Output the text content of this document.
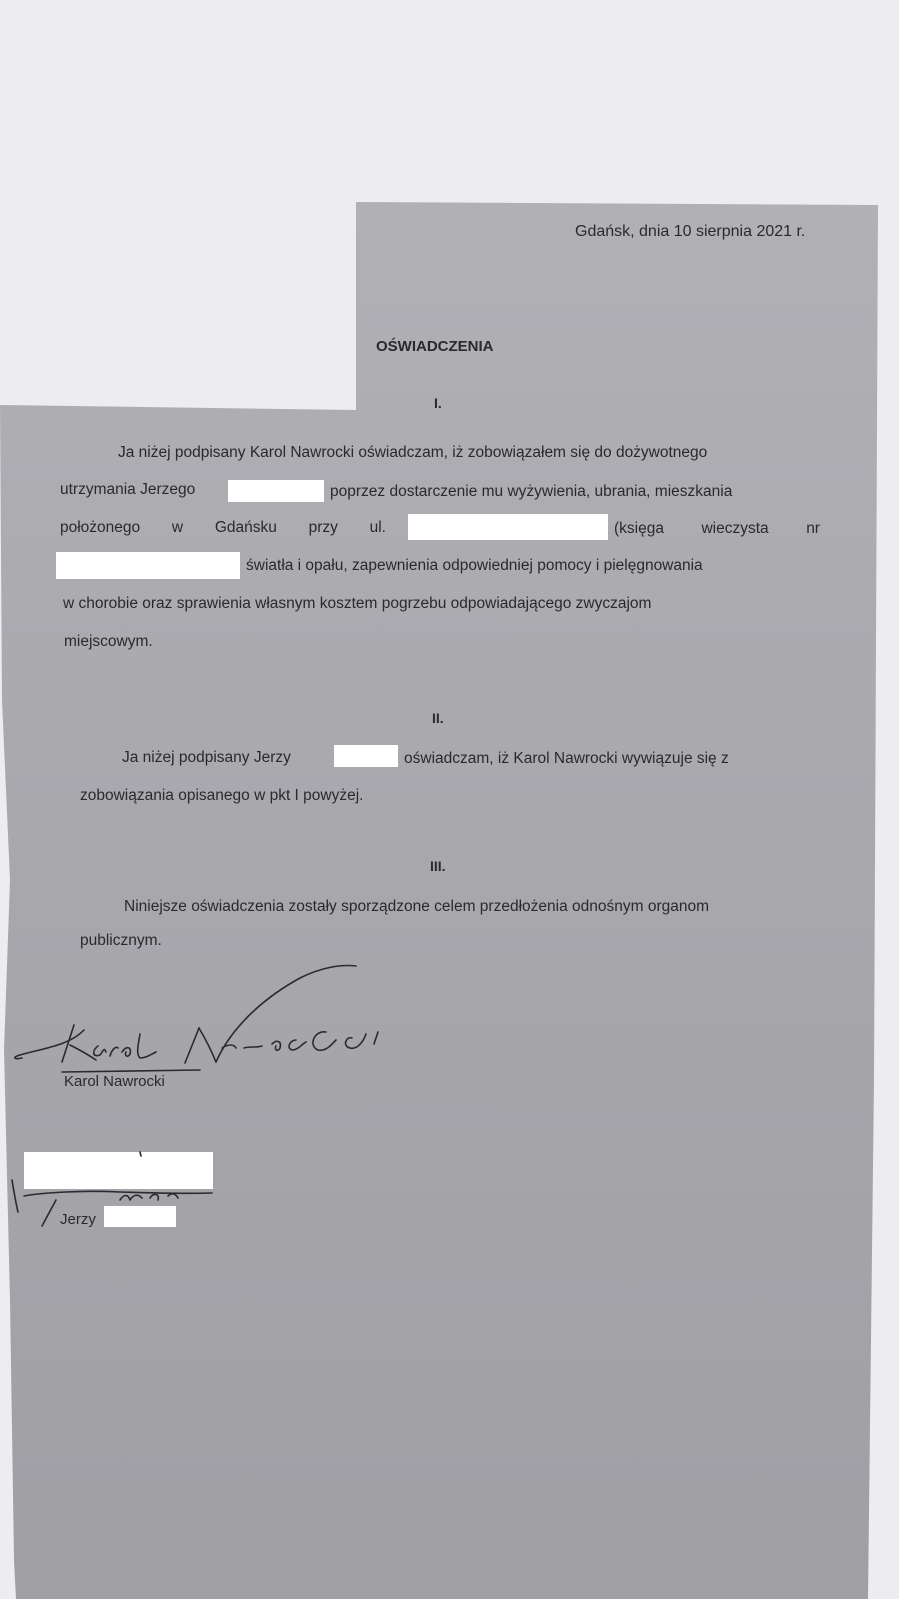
Gdańsk, dnia 10 sierpnia 2021 r.
OŚWIADCZENIA
I.
Ja niżej podpisany Karol Nawrocki oświadczam, iż zobowiązałem się do dożywotnego
utrzymania Jerzego	poprzez dostarczenie mu wyżywienia, ubrania, mieszkania
położonego w Gdańsku przy ul.	(księga wieczysta nr
światła i opału, zapewnienia odpowiedniej pomocy i pielęgnowania
w chorobie oraz sprawienia własnym kosztem pogrzebu odpowiadającego zwyczajom
miejscowym.
II.
Ja niżej podpisany Jerzy	oświadczam, iż Karol Nawrocki wywiązuje się z
zobowiązania opisanego w pkt I powyżej.
III.
Niniejsze oświadczenia zostały sporządzone celem przedłożenia odnośnym organom
publicznym.
Karol Nawrocki
Jerzy
